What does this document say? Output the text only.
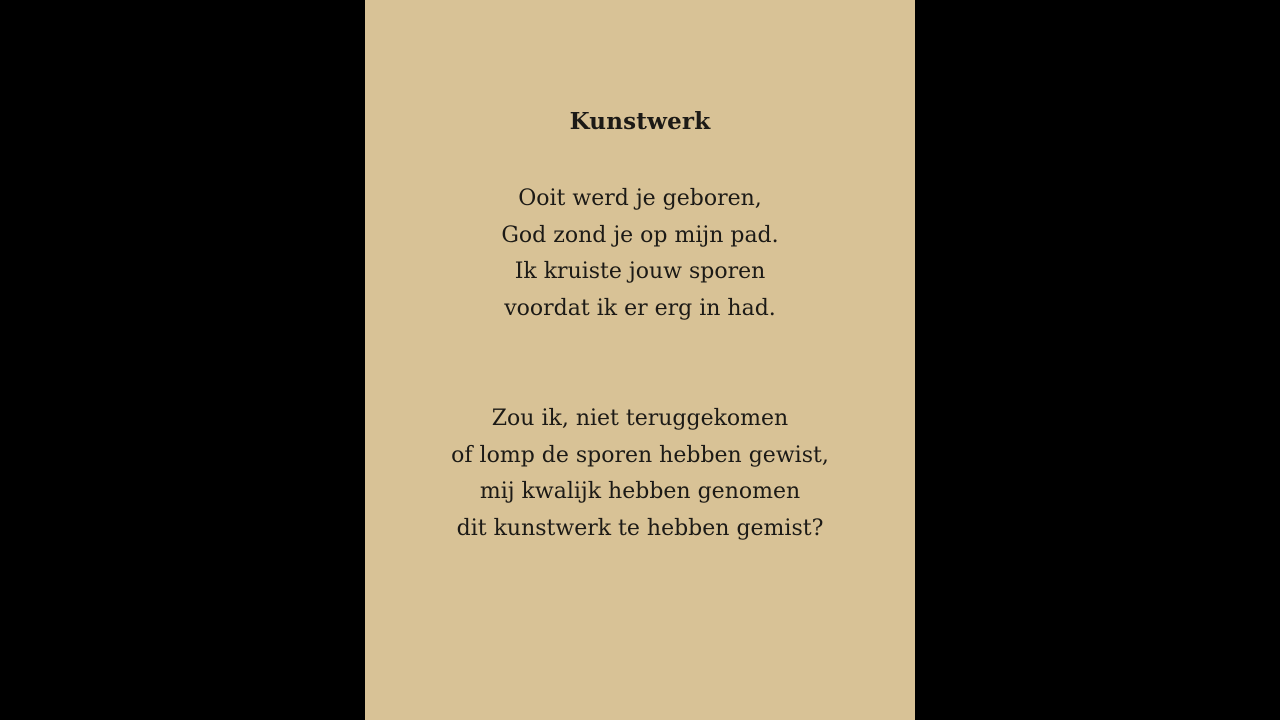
Kunstwerk
Ooit werd je geboren,
God zond je op mijn pad.
Ik kruiste jouw sporen
voordat ik er erg in had.
Zou ik, niet teruggekomen
of lomp de sporen hebben gewist,
mij kwalijk hebben genomen
dit kunstwerk te hebben gemist?
